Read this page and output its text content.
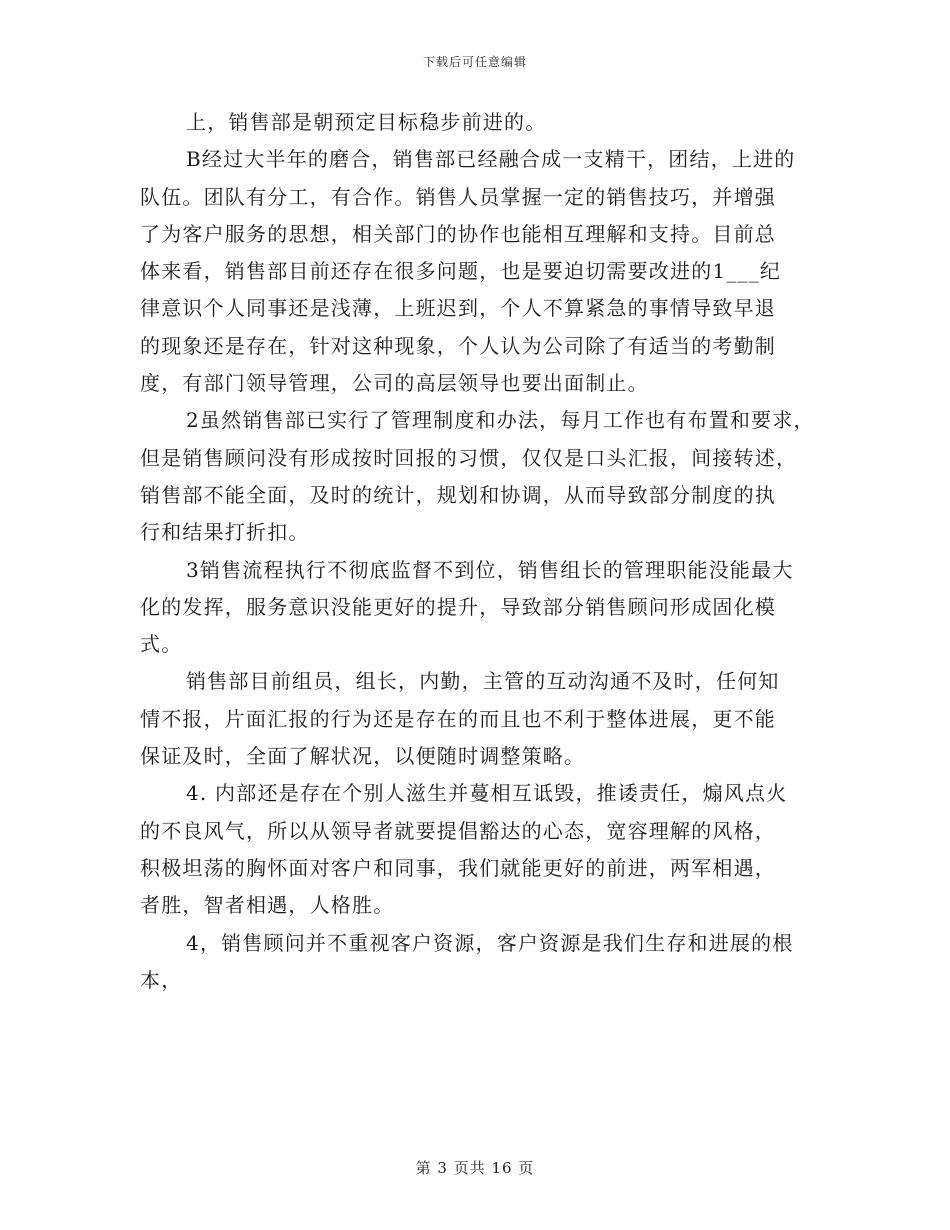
下载后可任意编辑
上，销售部是朝预定目标稳步前进的。
B经过大半年的磨合，销售部已经融合成一支精干，团结，上进的
队伍。团队有分工，有合作。销售人员掌握一定的销售技巧，并增强
了为客户服务的思想，相关部门的协作也能相互理解和支持。目前总
体来看，销售部目前还存在很多问题，也是要迫切需要改进的1___纪
律意识个人同事还是浅薄，上班迟到，个人不算紧急的事情导致早退
的现象还是存在，针对这种现象，个人认为公司除了有适当的考勤制
度，有部门领导管理，公司的高层领导也要出面制止。
2虽然销售部已实行了管理制度和办法，每月工作也有布置和要求，
但是销售顾问没有形成按时回报的习惯，仅仅是口头汇报，间接转述，
销售部不能全面，及时的统计，规划和协调，从而导致部分制度的执
行和结果打折扣。
3销售流程执行不彻底监督不到位，销售组长的管理职能没能最大
化的发挥，服务意识没能更好的提升，导致部分销售顾问形成固化模
式。
销售部目前组员，组长，内勤，主管的互动沟通不及时，任何知
情不报，片面汇报的行为还是存在的而且也不利于整体进展，更不能
保证及时，全面了解状况，以便随时调整策略。
4. 内部还是存在个别人滋生并蔓相互诋毁，推诿责任，煽风点火
的不良风气，所以从领导者就要提倡豁达的心态，宽容理解的风格，
积极坦荡的胸怀面对客户和同事，我们就能更好的前进，两军相遇，
者胜，智者相遇，人格胜。
4，销售顾问并不重视客户资源，客户资源是我们生存和进展的根
本，
第 3 页共 16 页
